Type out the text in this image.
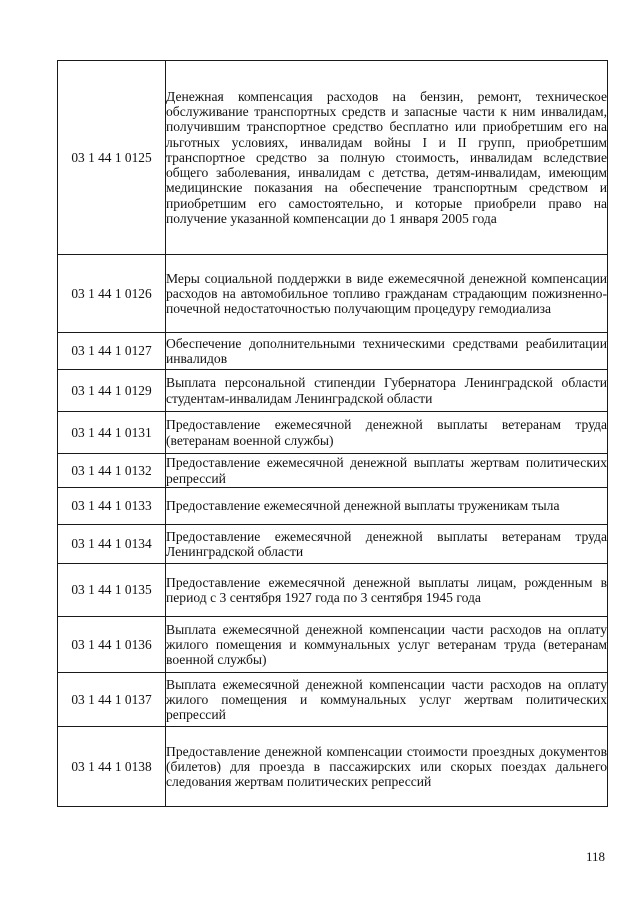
03 1 44 1 0125	Денежная компенсация расходов на бензин, ремонт, техническое обслуживание транспортных средств и запасные части к ним инвалидам, получившим транспортное средство бесплатно или приобретшим его на льготных условиях, инвалидам войны I и II групп, приобретшим транспортное средство за полную стоимость, инвалидам вследствие общего заболевания, инвалидам с детства, детям-инвалидам, имеющим медицинские показания на обеспечение транспортным средством и приобретшим его самостоятельно, и которые приобрели право на получение указанной компенсации до 1 января 2005 года
03 1 44 1 0126	Меры социальной поддержки в виде ежемесячной денежной компенсации расходов на автомобильное топливо гражданам страдающим пожизненно-почечной недостаточностью получающим процедуру гемодиализа
03 1 44 1 0127	Обеспечение дополнительными техническими средствами реабилитации инвалидов
03 1 44 1 0129	Выплата персональной стипендии Губернатора Ленинградской области студентам-инвалидам Ленинградской области
03 1 44 1 0131	Предоставление ежемесячной денежной выплаты ветеранам труда (ветеранам военной службы)
03 1 44 1 0132	Предоставление ежемесячной денежной выплаты жертвам политических репрессий
03 1 44 1 0133	Предоставление ежемесячной денежной выплаты труженикам тыла
03 1 44 1 0134	Предоставление ежемесячной денежной выплаты ветеранам труда Ленинградской области
03 1 44 1 0135	Предоставление ежемесячной денежной выплаты лицам, рожденным в период с 3 сентября 1927 года по 3 сентября 1945 года
03 1 44 1 0136	Выплата ежемесячной денежной компенсации части расходов на оплату жилого помещения и коммунальных услуг ветеранам труда (ветеранам военной службы)
03 1 44 1 0137	Выплата ежемесячной денежной компенсации части расходов на оплату жилого помещения и коммунальных услуг жертвам политических репрессий
03 1 44 1 0138	Предоставление денежной компенсации стоимости проездных документов (билетов) для проезда в пассажирских или скорых поездах дальнего следования жертвам политических репрессий
118
